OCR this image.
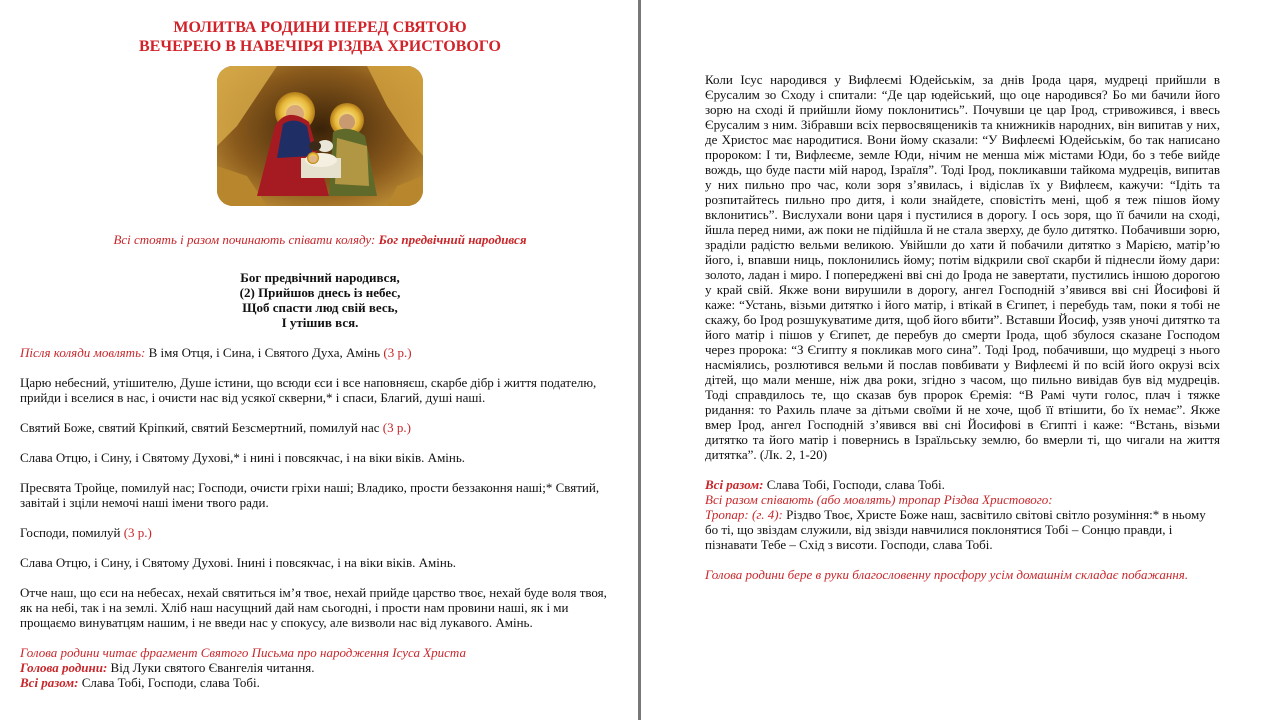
МОЛИТВА РОДИНИ ПЕРЕД СВЯТОЮ
ВЕЧЕРЕЮ В НАВЕЧІРЯ РІЗДВА ХРИСТОВОГО

Всі стоять і разом починають співати коляду: Бог предвічний народився

Бог предвічний народився,
(2) Прийшов днесь із небес,
Щоб спасти люд свій весь,
І утішив вся.

Після коляди мовлять: В імя Отця, і Сина, і Святого Духа, Амінь (3 р.)

Царю небесний, утішителю, Душе істини, що всюди єси і все наповняєш, скарбе дібр і життя подателю, прийди і вселися в нас, і очисти нас від усякої скверни,* і спаси, Благий, душі наші.

Святий Боже, святий Кріпкий, святий Безсмертний, помилуй нас (3 р.)

Слава Отцю, і Сину, і Святому Духові,* і нині і повсякчас, і на віки віків. Амінь.

Пресвята Тройце, помилуй нас; Господи, очисти гріхи наші; Владико, прости беззаконня наші;* Святий, завітай і зціли немочі наші імени твого ради.

Господи, помилуй (3 р.)

Слава Отцю, і Сину, і Святому Духові. Інині і повсякчас, і на віки віків. Амінь.

Отче наш, що єси на небесах, нехай святиться ім’я твоє, нехай прийде царство твоє, нехай буде воля твоя, як на небі, так і на землі. Хліб наш насущний дай нам сьогодні, і прости нам провини наші, як і ми прощаємо винуватцям нашим, і не введи нас у спокусу, але визволи нас від лукавого. Амінь.

Голова родини читає фрагмент Святого Письма про народження Ісуса Христа

Голова родини: Від Луки святого Євангелія читання.

Всі разом: Слава Тобі, Господи, слава Тобі.

Коли Ісус народився у Вифлеємі Юдейськім, за днів Ірода царя, мудреці прийшли в Єрусалим зо Сходу і спитали: “Де цар юдейський, що оце народився? Бо ми бачили його зорю на сході й прийшли йому поклонитись”. Почувши це цар Ірод, стривожився, і ввесь Єрусалим з ним. Зібравши всіх первосвящеників та книжників народних, він випитав у них, де Христос має народитися. Вони йому сказали: “У Вифлеємі Юдейськім, бо так написано пророком: І ти, Вифлеєме, земле Юди, нічим не менша між містами Юди, бо з тебе вийде вождь, що буде пасти мій народ, Ізраїля”. Тоді Ірод, покликавши тайкома мудреців, випитав у них пильно про час, коли зоря з’явилась, і відіслав їх у Вифлеєм, кажучи: “Ідіть та розпитайтесь пильно про дитя, і коли знайдете, сповістіть мені, щоб я теж пішов йому вклонитись”. Вислухали вони царя і пустилися в дорогу. І ось зоря, що її бачили на сході, йшла перед ними, аж поки не підійшла й не стала зверху, де було дитятко. Побачивши зорю, зраділи радістю вельми великою. Увійшли до хати й побачили дитятко з Марією, матір’ю його, і, впавши ниць, поклонились йому; потім відкрили свої скарби й піднесли йому дари: золото, ладан і миро. І попереджені вві сні до Ірода не завертати, пустились іншою дорогою у край свій. Якже вони вирушили в дорогу, ангел Господній з’явився вві сні Йосифові й каже: “Устань, візьми дитятко і його матір, і втікай в Єгипет, і перебудь там, поки я тобі не скажу, бо Ірод розшукуватиме дитя, щоб його вбити”. Вставши Йосиф, узяв уночі дитятко та його матір і пішов у Єгипет, де перебув до смерти Ірода, щоб збулося сказане Господом через пророка: “З Єгипту я покликав мого сина”. Тоді Ірод, побачивши, що мудреці з нього насміялись, розлютився вельми й послав повбивати у Вифлеємі й по всій його окрузі всіх дітей, що мали менше, ніж два роки, згідно з часом, що пильно вивідав був від мудреців. Тоді справдилось те, що сказав був пророк Єремія: “В Рамі чути голос, плач і тяжке ридання: то Рахиль плаче за дітьми своїми й не хоче, щоб її втішити, бо їх немає”. Якже вмер Ірод, ангел Господній з’явився вві сні Йосифові в Єгипті і каже: “Встань, візьми дитятко та його матір і повернись в Ізраїльську землю, бо вмерли ті, що чигали на життя дитятка”. (Лк. 2, 1-20)

Всі разом: Слава Тобі, Господи, слава Тобі.

Всі разом співають (або мовлять) тропар Різдва Христового:

Тропар: (г. 4): Різдво Твоє, Христе Боже наш, засвітило світові світло розуміння:* в ньому бо ті, що звіздам служили, від звізди навчилися поклонятися Тобі – Сонцю правди, і пізнавати Тебе – Схід з висоти. Господи, слава Тобі.

Голова родини бере в руки благословенну просфору усім домашнім складає побажання.
